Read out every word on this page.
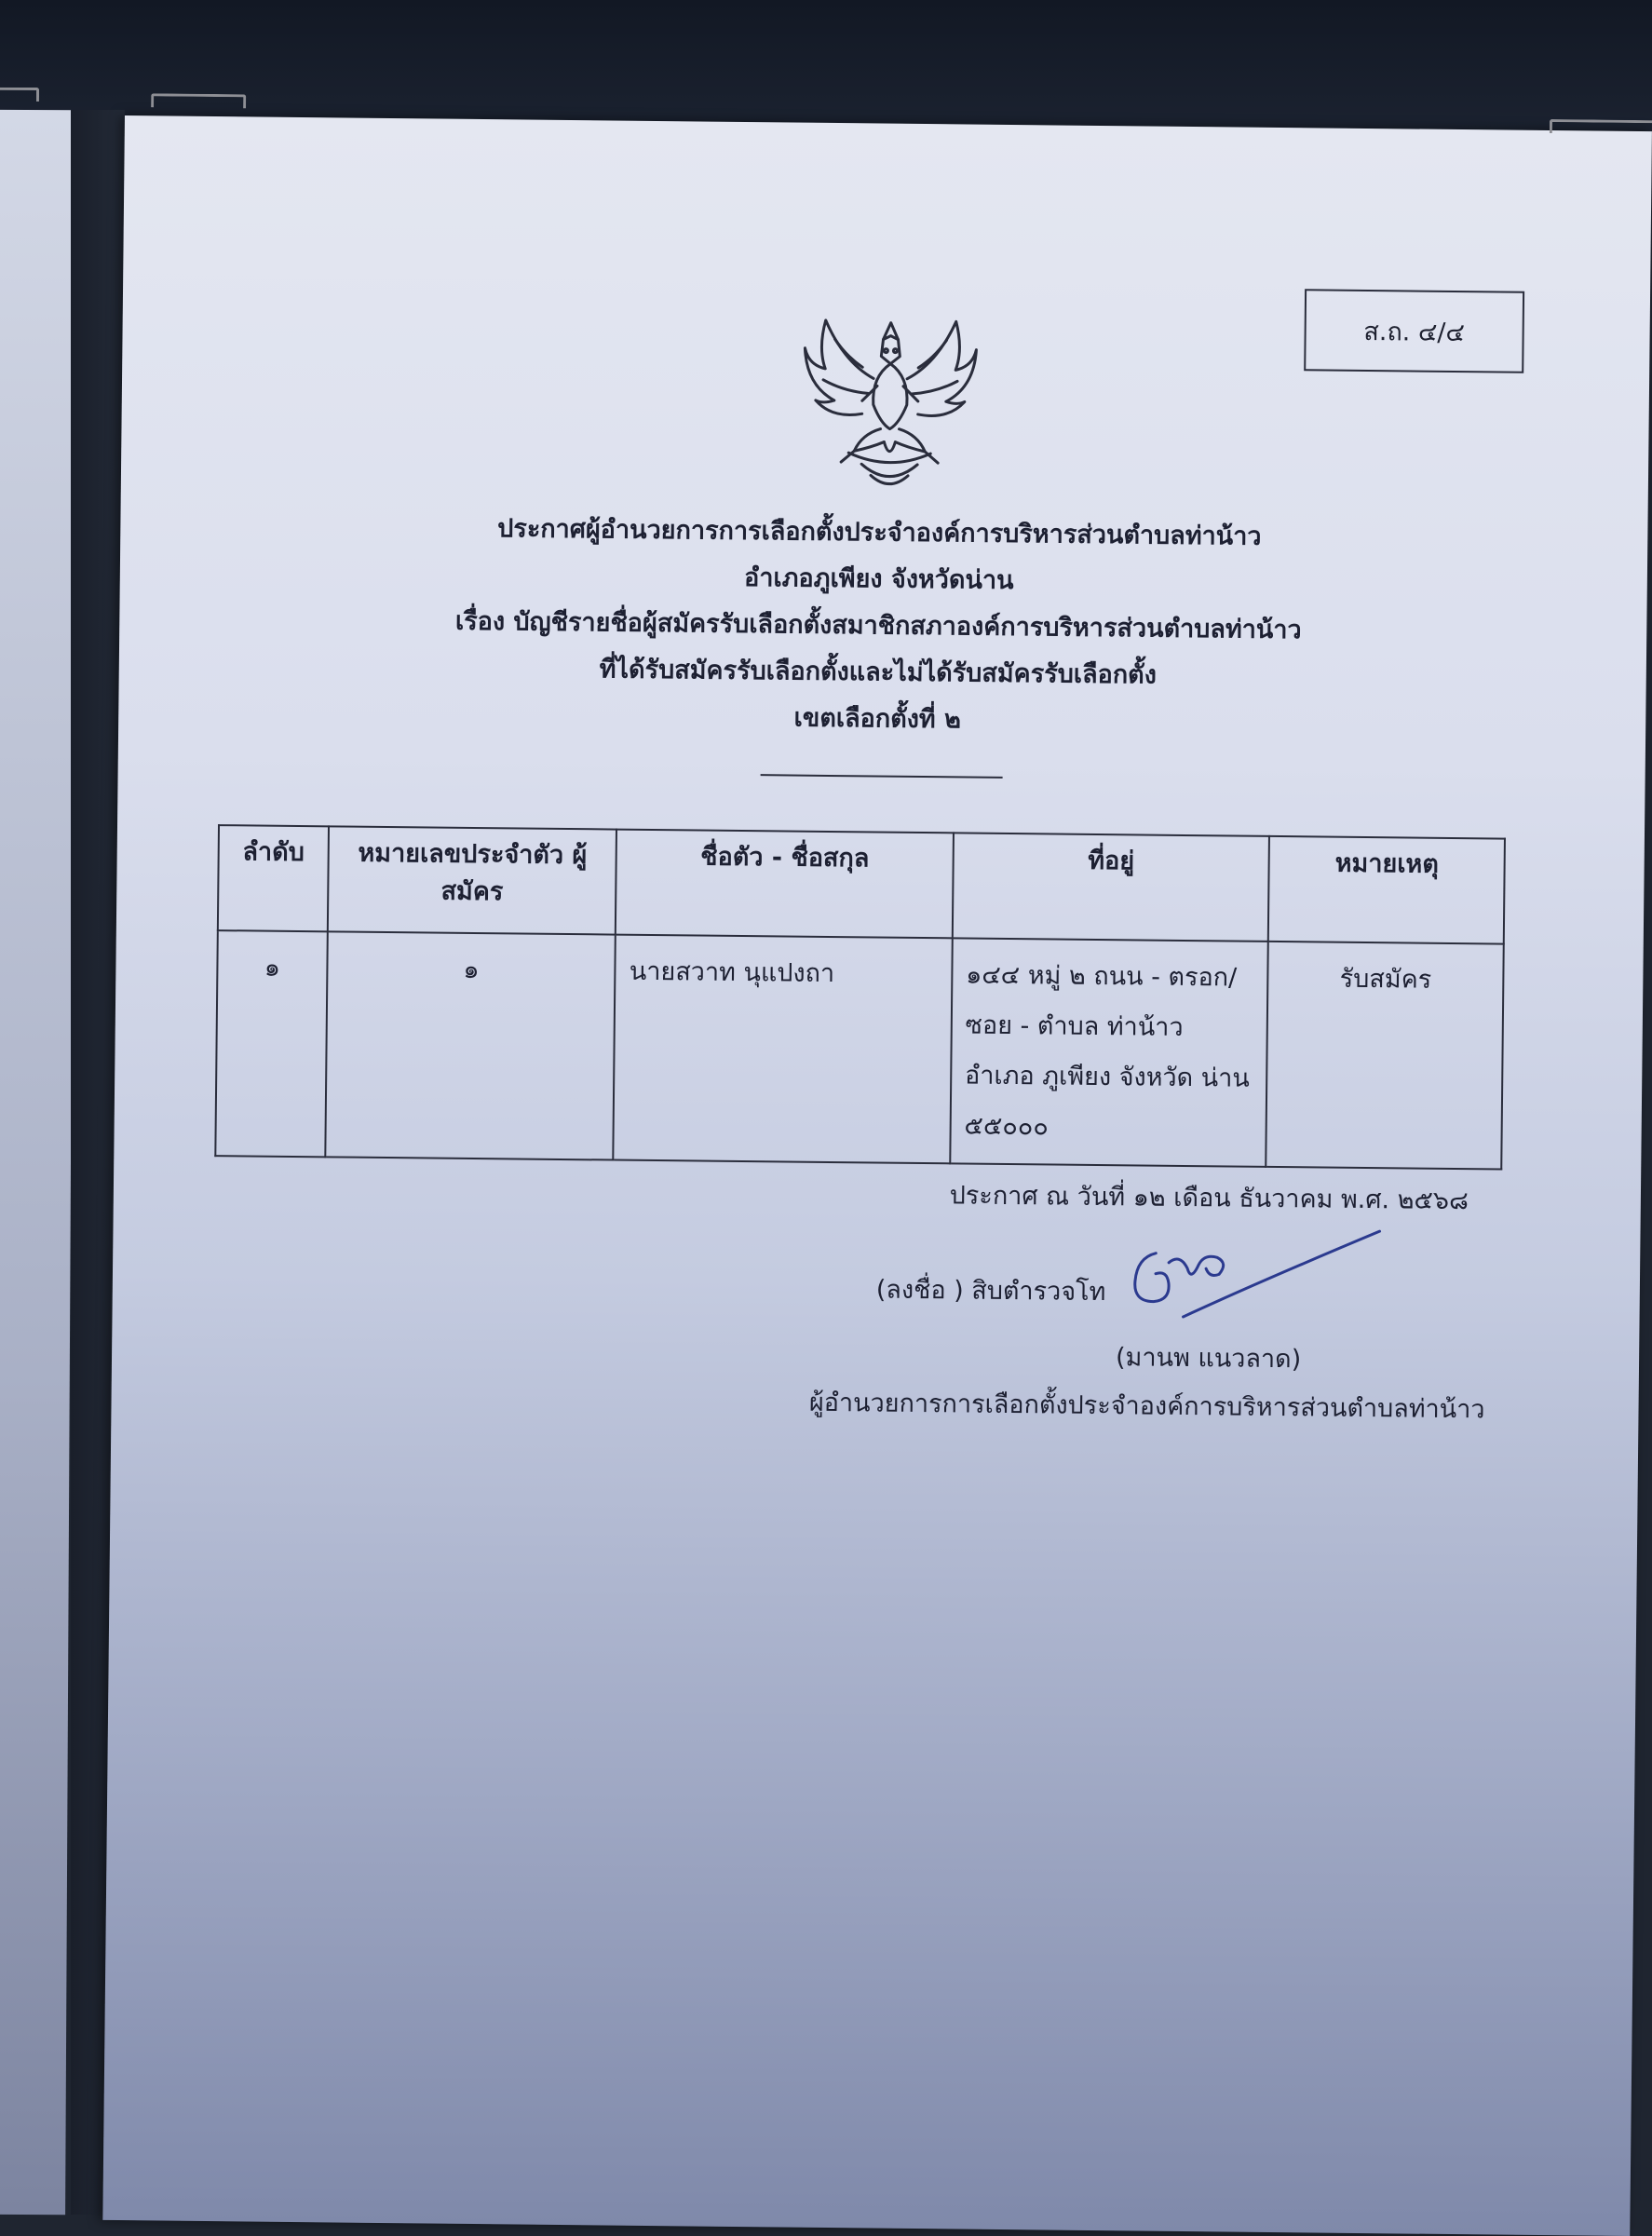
ส.ถ. ๔/๔
ประกาศผู้อำนวยการการเลือกตั้งประจำองค์การบริหารส่วนตำบลท่าน้าว
อำเภอภูเพียง จังหวัดน่าน
เรื่อง บัญชีรายชื่อผู้สมัครรับเลือกตั้งสมาชิกสภาองค์การบริหารส่วนตำบลท่าน้าว
ที่ได้รับสมัครรับเลือกตั้งและไม่ได้รับสมัครรับเลือกตั้ง
เขตเลือกตั้งที่ ๒
ลำดับ	หมายเลขประจำตัว ผู้สมัคร	ชื่อตัว - ชื่อสกุล	ที่อยู่	หมายเหตุ
๑	๑	นายสวาท นุแปงถา	๑๔๔ หมู่ ๒ ถนน - ตรอก/ซอย - ตำบล ท่าน้าว อำเภอ ภูเพียง จังหวัด น่าน ๕๕๐๐๐	รับสมัคร
ประกาศ ณ วันที่ ๑๒ เดือน ธันวาคม พ.ศ. ๒๕๖๘
(ลงชื่อ ) สิบตำรวจโท
(มานพ แนวลาด)
ผู้อำนวยการการเลือกตั้งประจำองค์การบริหารส่วนตำบลท่าน้าว
